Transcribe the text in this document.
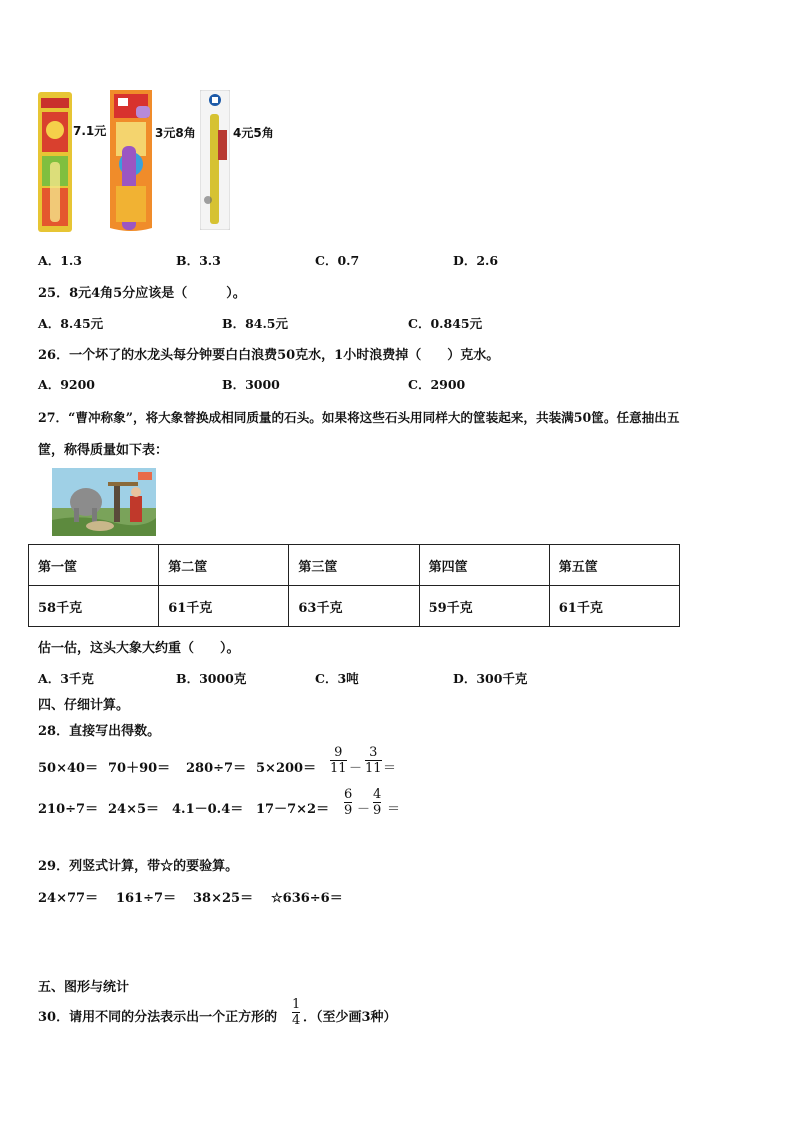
7.1元	3元8角	4元5角
A．1.3	B．3.3	C．0.7	D．2.6
25．8元4角5分应该是（　　　）。
A．8.45元	B．84.5元	C．0.845元
26．一个坏了的水龙头每分钟要白白浪费50克水，1小时浪费掉（　　）克水。
A．9200	B．3000	C．2900
27．“曹冲称象”，将大象替换成相同质量的石头。如果将这些石头用同样大的筐装起来，共装满50筐。任意抽出五
筐，称得质量如下表：
第一筐	第二筐	第三筐	第四筐	第五筐
58千克	61千克	63千克	59千克	61千克
估一估，这头大象大约重（　　）。
A．3千克	B．3000克	C．3吨	D．300千克
四、仔细计算。
28．直接写出得数。
50×40＝ 70＋90＝ 280÷7＝ 5×200＝
9
11 －
3
11 ＝
210÷7＝ 24×5＝ 4.1－0.4＝ 17－7×2＝
6
9 －
4
9 ＝
29．列竖式计算，带☆的要验算。
24×77＝ 161÷7＝ 38×25＝ ☆636÷6＝
五、图形与统计
30．请用不同的分法表示出一个正方形的
1
4 ．（至少画3种）
